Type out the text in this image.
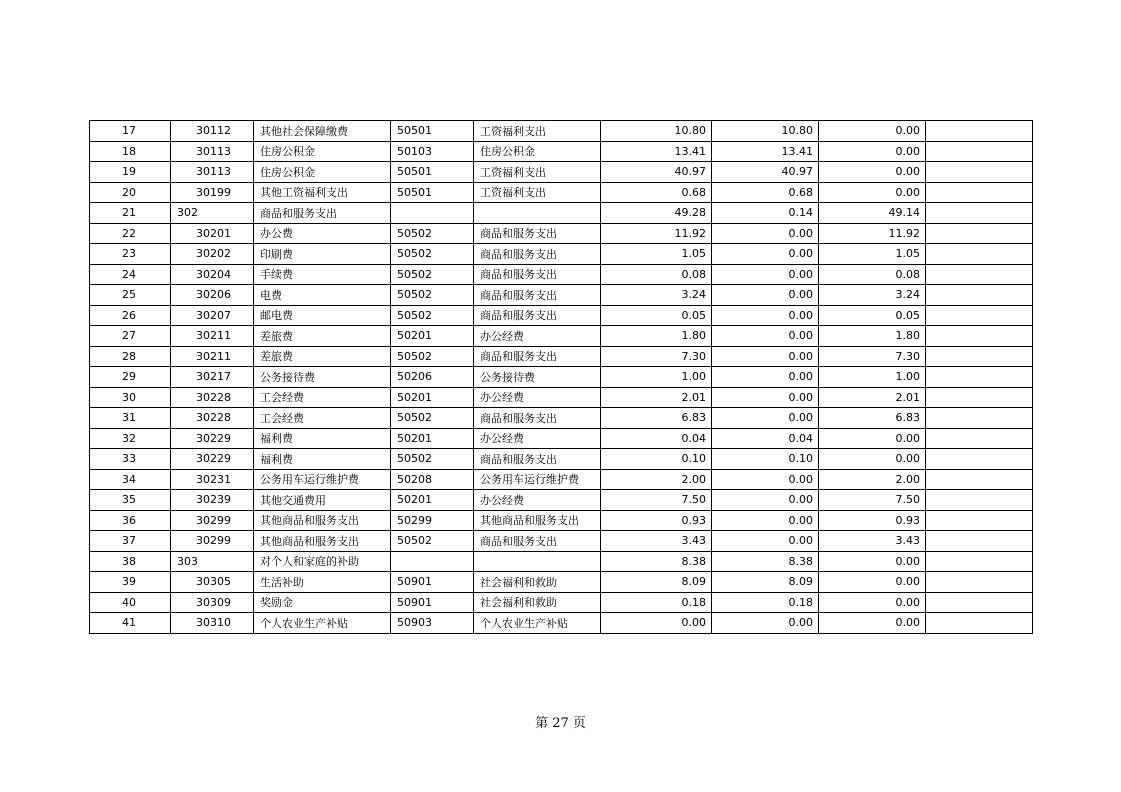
17	30112	其他社会保障缴费	50501	工资福利支出	10.80	10.80	0.00	
18	30113	住房公积金	50103	住房公积金	13.41	13.41	0.00	
19	30113	住房公积金	50501	工资福利支出	40.97	40.97	0.00	
20	30199	其他工资福利支出	50501	工资福利支出	0.68	0.68	0.00	
21	302	商品和服务支出			49.28	0.14	49.14	
22	30201	办公费	50502	商品和服务支出	11.92	0.00	11.92	
23	30202	印刷费	50502	商品和服务支出	1.05	0.00	1.05	
24	30204	手续费	50502	商品和服务支出	0.08	0.00	0.08	
25	30206	电费	50502	商品和服务支出	3.24	0.00	3.24	
26	30207	邮电费	50502	商品和服务支出	0.05	0.00	0.05	
27	30211	差旅费	50201	办公经费	1.80	0.00	1.80	
28	30211	差旅费	50502	商品和服务支出	7.30	0.00	7.30	
29	30217	公务接待费	50206	公务接待费	1.00	0.00	1.00	
30	30228	工会经费	50201	办公经费	2.01	0.00	2.01	
31	30228	工会经费	50502	商品和服务支出	6.83	0.00	6.83	
32	30229	福利费	50201	办公经费	0.04	0.04	0.00	
33	30229	福利费	50502	商品和服务支出	0.10	0.10	0.00	
34	30231	公务用车运行维护费	50208	公务用车运行维护费	2.00	0.00	2.00	
35	30239	其他交通费用	50201	办公经费	7.50	0.00	7.50	
36	30299	其他商品和服务支出	50299	其他商品和服务支出	0.93	0.00	0.93	
37	30299	其他商品和服务支出	50502	商品和服务支出	3.43	0.00	3.43	
38	303	对个人和家庭的补助			8.38	8.38	0.00	
39	30305	生活补助	50901	社会福利和救助	8.09	8.09	0.00	
40	30309	奖励金	50901	社会福利和救助	0.18	0.18	0.00	
41	30310	个人农业生产补贴	50903	个人农业生产补贴	0.00	0.00	0.00	
第 27 页
